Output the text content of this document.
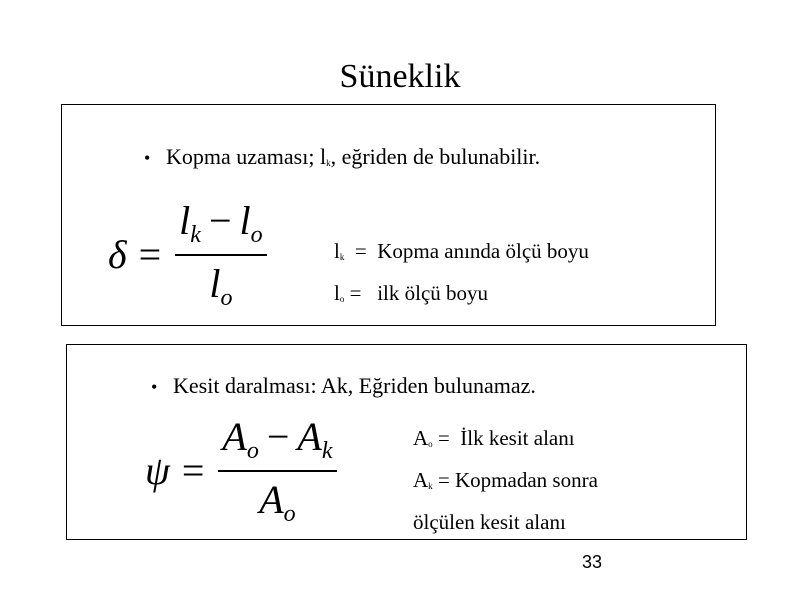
Süneklik
• Kopma uzaması; $l_k$, eğriden de bulunabilir.
$\delta = \frac{l_k - l_o}{l_o}$	lk  =  Kopma anında ölçü boyu
lo =   ilk ölçü boyu
• Kesit daralması: Ak, Eğriden bulunamaz.
$\psi = \frac{A_o - A_k}{A_o}$	Ao =  İlk kesit alanı
Ak = Kopmadan sonra
ölçülen kesit alanı
33
